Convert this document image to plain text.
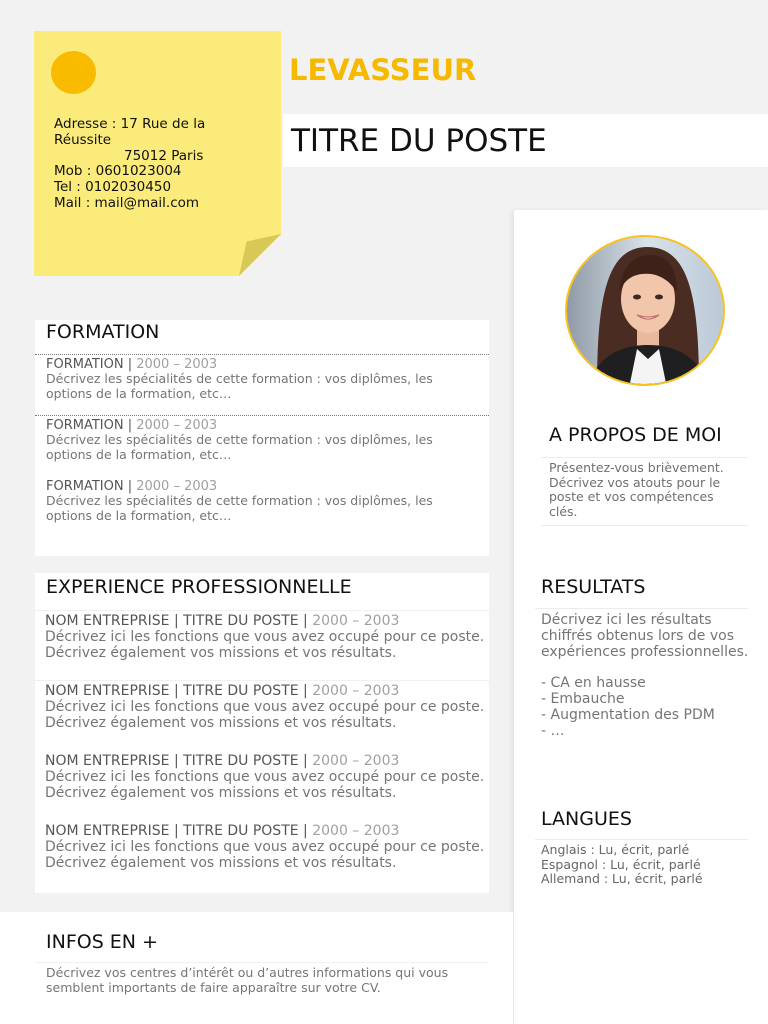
LEVASSEUR
TITRE DU POSTE
Adresse : 17 Rue de la
Réussite
75012 Paris
Mob : 0601023004
Tel : 0102030450
Mail : mail@mail.com
FORMATION
FORMATION | 2000 – 2003
Décrivez les spécialités de cette formation : vos diplômes, les
options de la formation, etc…
FORMATION | 2000 – 2003
Décrivez les spécialités de cette formation : vos diplômes, les
options de la formation, etc…
FORMATION | 2000 – 2003
Décrivez les spécialités de cette formation : vos diplômes, les
options de la formation, etc…
EXPERIENCE PROFESSIONNELLE
NOM ENTREPRISE | TITRE DU POSTE | 2000 – 2003
Décrivez ici les fonctions que vous avez occupé pour ce poste.
Décrivez également vos missions et vos résultats.
NOM ENTREPRISE | TITRE DU POSTE | 2000 – 2003
Décrivez ici les fonctions que vous avez occupé pour ce poste.
Décrivez également vos missions et vos résultats.
NOM ENTREPRISE | TITRE DU POSTE | 2000 – 2003
Décrivez ici les fonctions que vous avez occupé pour ce poste.
Décrivez également vos missions et vos résultats.
NOM ENTREPRISE | TITRE DU POSTE | 2000 – 2003
Décrivez ici les fonctions que vous avez occupé pour ce poste.
Décrivez également vos missions et vos résultats.
INFOS EN +
Décrivez vos centres d’intérêt ou d’autres informations qui vous
semblent importants de faire apparaître sur votre CV.
A PROPOS DE MOI
Présentez-vous brièvement.
Décrivez vos atouts pour le
poste et vos compétences
clés.
RESULTATS
Décrivez ici les résultats
chiffrés obtenus lors de vos
expériences professionnelles.
- CA en hausse
- Embauche
- Augmentation des PDM
- …
LANGUES
Anglais : Lu, écrit, parlé
Espagnol : Lu, écrit, parlé
Allemand : Lu, écrit, parlé
